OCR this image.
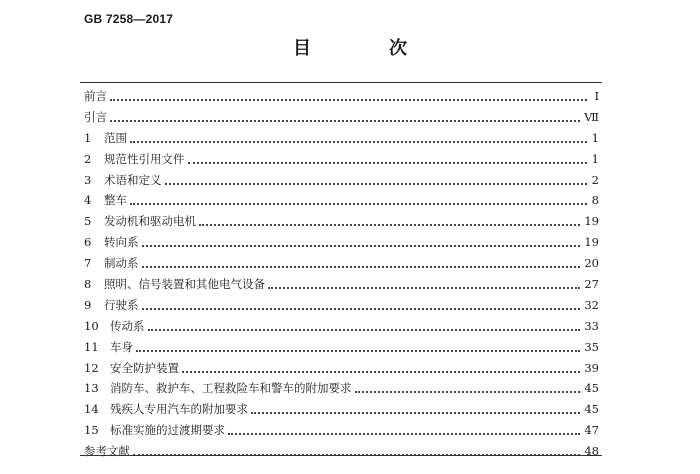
GB 7258—2017
目　次
前言	Ⅰ
引言	Ⅶ
1	范围	1
2	规范性引用文件	1
3	术语和定义	2
4	整车	8
5	发动机和驱动电机	19
6	转向系	19
7	制动系	20
8	照明、信号装置和其他电气设备	27
9	行驶系	32
10 传动系	33
11 车身	35
12 安全防护装置	39
13 消防车、救护车、工程救险车和警车的附加要求	45
14 残疾人专用汽车的附加要求	45
15 标准实施的过渡期要求	47
参考文献	48
